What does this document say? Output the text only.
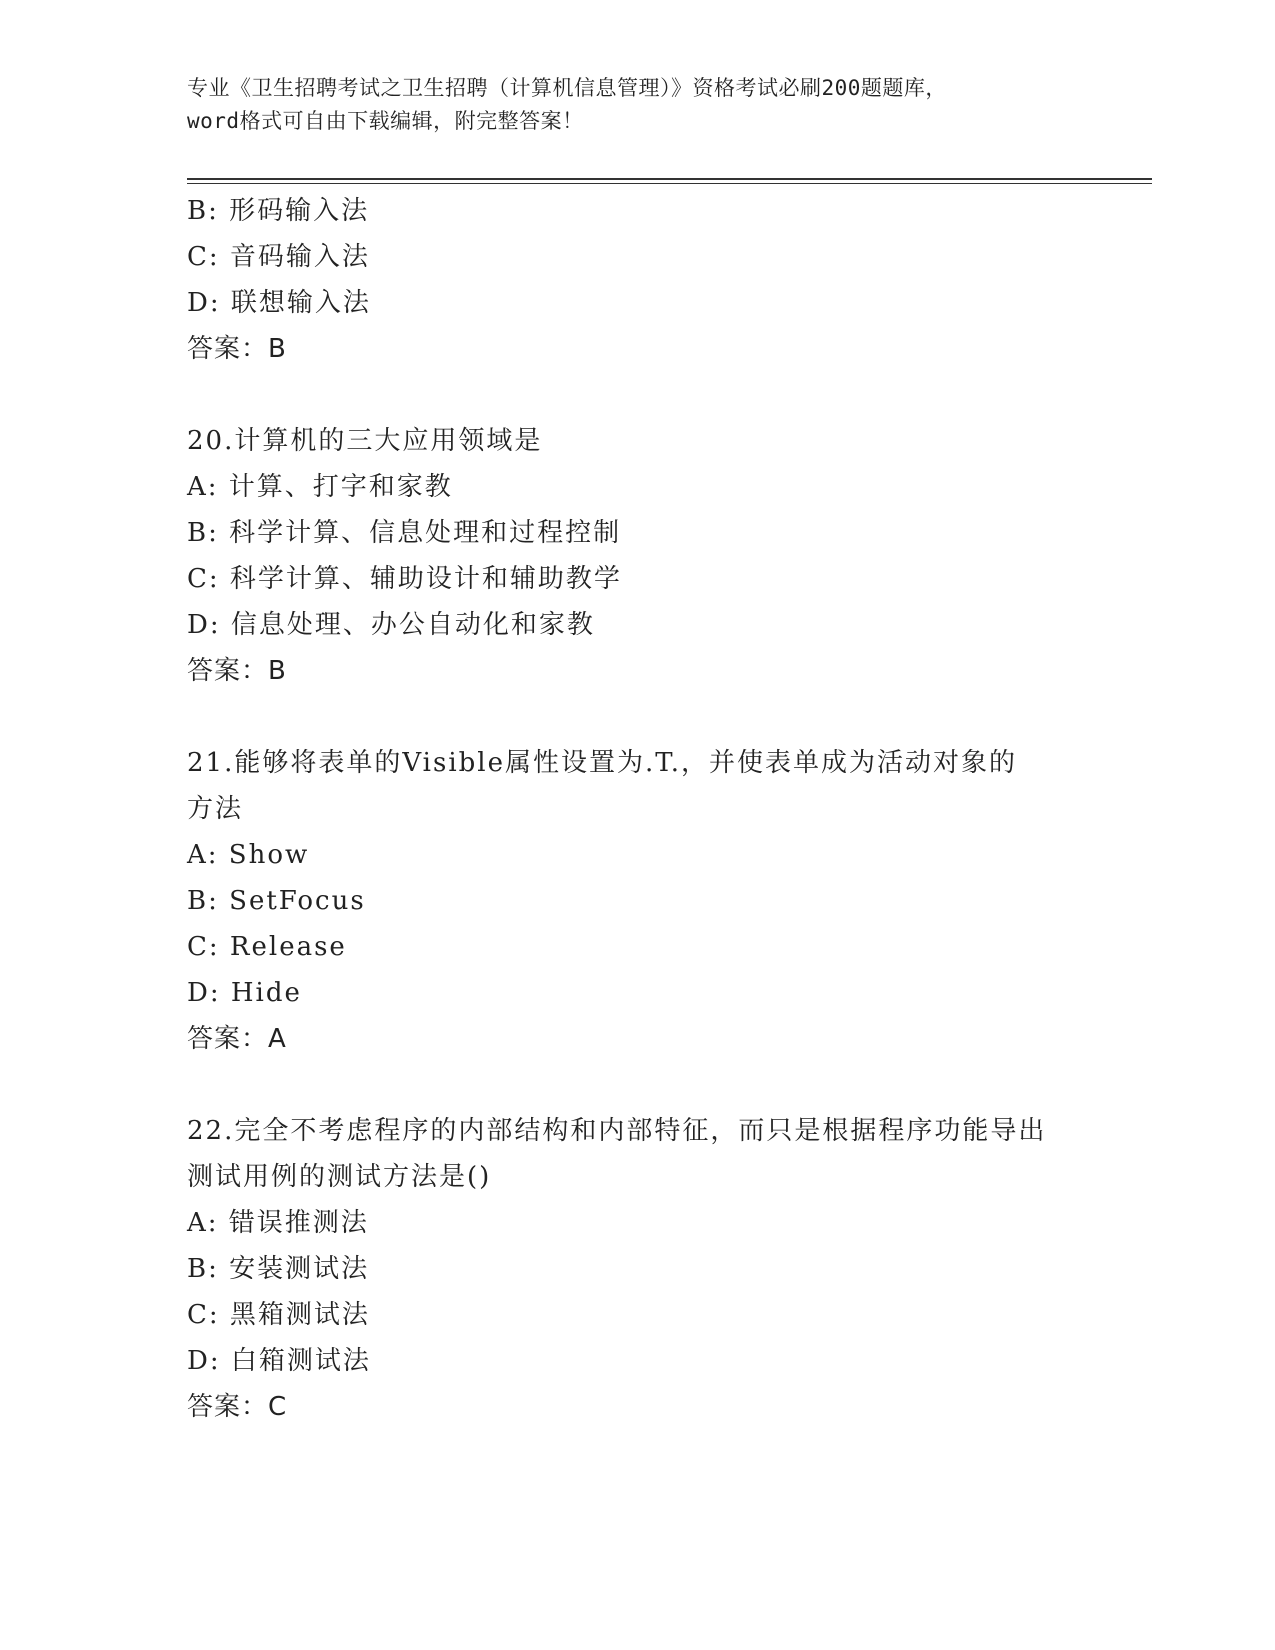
专业《卫生招聘考试之卫生招聘（计算机信息管理）》资格考试必刷200题题库，
word格式可自由下载编辑，附完整答案！
B: 形码输入法
C: 音码输入法
D: 联想输入法
答案：B
20.计算机的三大应用领域是
A: 计算、打字和家教
B: 科学计算、信息处理和过程控制
C: 科学计算、辅助设计和辅助教学
D: 信息处理、办公自动化和家教
答案：B
21.能够将表单的Visible属性设置为.T.，并使表单成为活动对象的
方法
A: Show
B: SetFocus
C: Release
D: Hide
答案：A
22.完全不考虑程序的内部结构和内部特征，而只是根据程序功能导出
测试用例的测试方法是()
A: 错误推测法
B: 安装测试法
C: 黑箱测试法
D: 白箱测试法
答案：C
